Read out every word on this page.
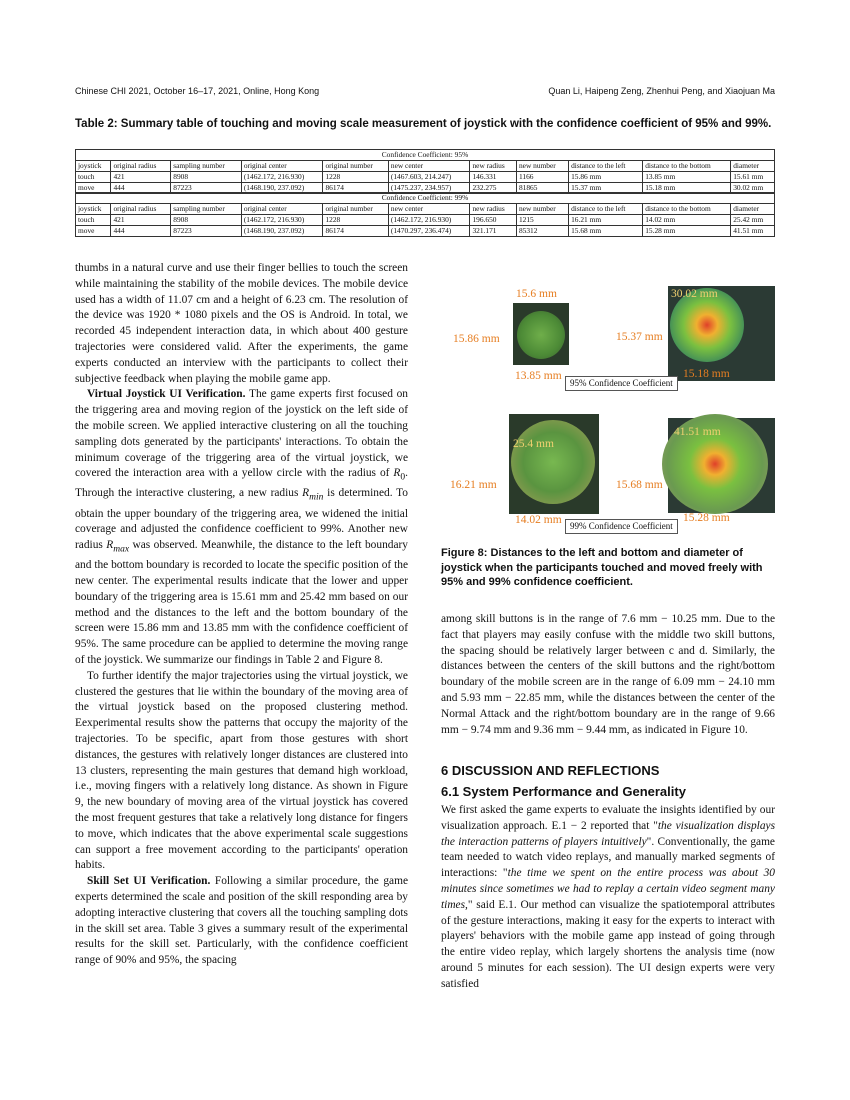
Chinese CHI 2021, October 16–17, 2021, Online, Hong Kong	Quan Li, Haipeng Zeng, Zhenhui Peng, and Xiaojuan Ma
Table 2: Summary table of touching and moving scale measurement of joystick with the confidence coefficient of 95% and 99%.
Confidence Coefficient: 95%										
joystick	original radius	sampling number	original center	original number	new center	new radius	new number	distance to the left	distance to the bottom	diameter
touch	421	8908	(1462.172, 216.930)	1228	(1467.603, 214.247)	146.331	1166	15.86 mm	13.85 mm	15.61 mm
move	444	87223	(1468.190, 237.092)	86174	(1475.237, 234.957)	232.275	81865	15.37 mm	15.18 mm	30.02 mm
Confidence Coefficient: 99%										
joystick	original radius	sampling number	original center	original number	new center	new radius	new number	distance to the left	distance to the bottom	diameter
touch	421	8908	(1462.172, 216.930)	1228	(1462.172, 216.930)	196.650	1215	16.21 mm	14.02 mm	25.42 mm
move	444	87223	(1468.190, 237.092)	86174	(1470.297, 236.474)	321.171	85312	15.68 mm	15.28 mm	41.51 mm

thumbs in a natural curve and use their finger bellies to touch the screen while maintaining the stability of the mobile devices. The mobile device used has a width of 11.07 cm and a height of 6.23 cm. The resolution of the device was 1920 * 1080 pixels and the OS is Android. In total, we recorded 45 independent interaction data, in which about 400 gesture trajectories were considered valid. After the experiments, the game experts conducted an interview with the participants to collect their subjective feedback when playing the mobile game app.

Virtual Joystick UI Verification. The game experts first focused on the triggering area and moving region of the joystick on the left side of the mobile screen. We applied interactive clustering on all the touching sampling dots generated by the participants' interactions. To obtain the minimum coverage of the triggering area of the virtual joystick, we covered the interaction area with a yellow circle with the radius of $R_0$. Through the interactive clustering, a new radius $R_{min}$ is determined. To obtain the upper boundary of the triggering area, we widened the initial coverage and adjusted the confidence coefficient to 99%. Another new radius $R_{max}$ was observed. Meanwhile, the distance to the left boundary and the bottom boundary is recorded to locate the specific position of the new center. The experimental results indicate that the lower and upper boundary of the triggering area is 15.61 mm and 25.42 mm based on our method and the distances to the left and the bottom boundary of the screen were 15.86 mm and 13.85 mm with the confidence coefficient of 95%. The same procedure can be applied to determine the moving range of the joystick. We summarize our findings in Table 2 and Figure 8.

To further identify the major trajectories using the virtual joystick, we clustered the gestures that lie within the boundary of the moving area of the virtual joystick based on the proposed clustering method. Eexperimental results show the patterns that occupy the majority of the trajectories. To be specific, apart from those gestures with short distances, the gestures with relatively longer distances are clustered into 13 clusters, representing the main gestures that demand high workload, i.e., moving fingers with a relatively long distance. As shown in Figure 9, the new boundary of moving area of the virtual joystick has covered the most frequent gestures that take a relatively long distance for fingers to move, which indicates that the above experimental scale suggestions can support a free movement according to the participants' operation habits.

Skill Set UI Verification. Following a similar procedure, the game experts determined the scale and position of the skill responding area by adopting interactive clustering that covers all the touching sampling dots in the skill set area. Table 3 gives a summary result of the experimental results for the skill set. Particularly, with the confidence coefficient range of 90% and 95%, the spacing

15.6 mm	30.02 mm
15.86 mm	15.37 mm
13.85 mm	15.18 mm
95% Confidence Coefficient
25.4 mm
41.51 mm
16.21 mm	15.68 mm
14.02 mm	15.28 mm
99% Confidence Coefficient
Figure 8: Distances to the left and bottom and diameter of joystick when the participants touched and moved freely with 95% and 99% confidence coefficient.

among skill buttons is in the range of 7.6 mm − 10.25 mm. Due to the fact that players may easily confuse with the middle two skill buttons, the spacing should be relatively larger between c and d. Similarly, the distances between the centers of the skill buttons and the right/bottom boundary of the mobile screen are in the range of 6.09 mm − 24.10 mm and 5.93 mm − 22.85 mm, while the distances between the center of the Normal Attack and the right/bottom boundary are in the range of 9.66 mm − 9.74 mm and 9.36 mm − 9.44 mm, as indicated in Figure 10.

6 DISCUSSION AND REFLECTIONS
6.1 System Performance and Generality

We first asked the game experts to evaluate the insights identified by our visualization approach. E.1 − 2 reported that "the visualization displays the interaction patterns of players intuitively". Conventionally, the game team needed to watch video replays, and manually marked segments of interactions: "the time we spent on the entire process was about 30 minutes since sometimes we had to replay a certain video segment many times," said E.1. Our method can visualize the spatiotemporal attributes of the gesture interactions, making it easy for the experts to interact with players' behaviors with the mobile game app instead of going through the entire video replay, which largely shortens the analysis time (now around 5 minutes for each session). The UI design experts were very satisfied
